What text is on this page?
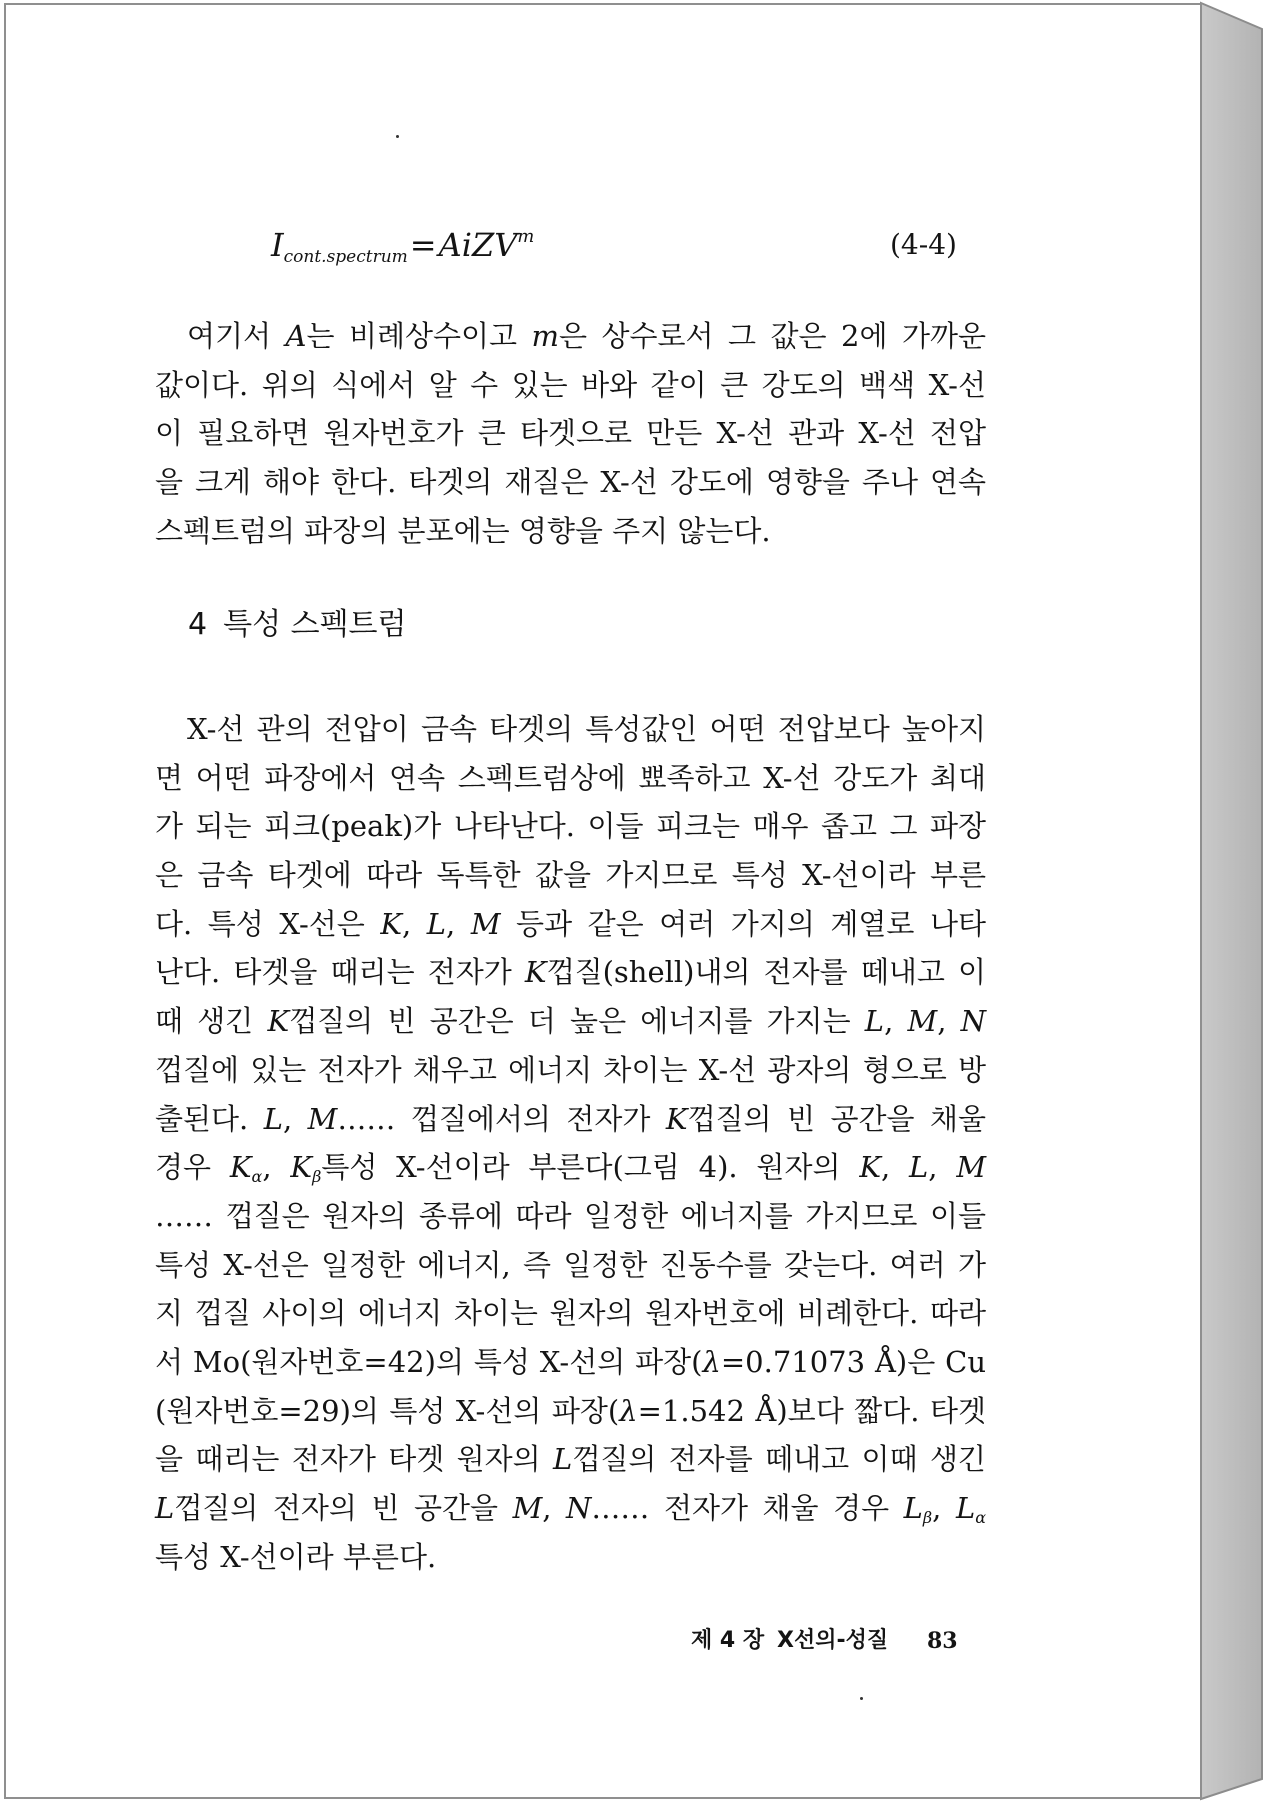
$I_{cont.spectrum}=AiZV^m$	(4-4)
여기서 A는 비례상수이고 m은 상수로서 그 값은 2에 가까운
값이다. 위의 식에서 알 수 있는 바와 같이 큰 강도의 백색 X-선
이 필요하면 원자번호가 큰 타겟으로 만든 X-선 관과 X-선 전압
을 크게 해야 한다. 타겟의 재질은 X-선 강도에 영향을 주나 연속
스펙트럼의 파장의 분포에는 영향을 주지 않는다.
4 특성 스펙트럼
X-선 관의 전압이 금속 타겟의 특성값인 어떤 전압보다 높아지
면 어떤 파장에서 연속 스펙트럼상에 뾰족하고 X-선 강도가 최대
가 되는 피크(peak)가 나타난다. 이들 피크는 매우 좁고 그 파장
은 금속 타겟에 따라 독특한 값을 가지므로 특성 X-선이라 부른
다. 특성 X-선은 K, L, M 등과 같은 여러 가지의 계열로 나타
난다. 타겟을 때리는 전자가 K껍질(shell)내의 전자를 떼내고 이
때 생긴 K껍질의 빈 공간은 더 높은 에너지를 가지는 L, M, N
껍질에 있는 전자가 채우고 에너지 차이는 X-선 광자의 형으로 방
출된다. L, M…… 껍질에서의 전자가 K껍질의 빈 공간을 채울
경우 $K_\alpha$, $K_\beta$특성 X-선이라 부른다(그림 4). 원자의 K, L, M
…… 껍질은 원자의 종류에 따라 일정한 에너지를 가지므로 이들
특성 X-선은 일정한 에너지, 즉 일정한 진동수를 갖는다. 여러 가
지 껍질 사이의 에너지 차이는 원자의 원자번호에 비례한다. 따라
서 Mo(원자번호=42)의 특성 X-선의 파장(λ=0.71073 Å)은 Cu
(원자번호=29)의 특성 X-선의 파장(λ=1.542 Å)보다 짧다. 타겟
을 때리는 전자가 타겟 원자의 L껍질의 전자를 떼내고 이때 생긴
L껍질의 전자의 빈 공간을 M, N…… 전자가 채울 경우 $L_\beta$, $L_\alpha$
특성 X-선이라 부른다.
제 4 장 X선의-성질 83
